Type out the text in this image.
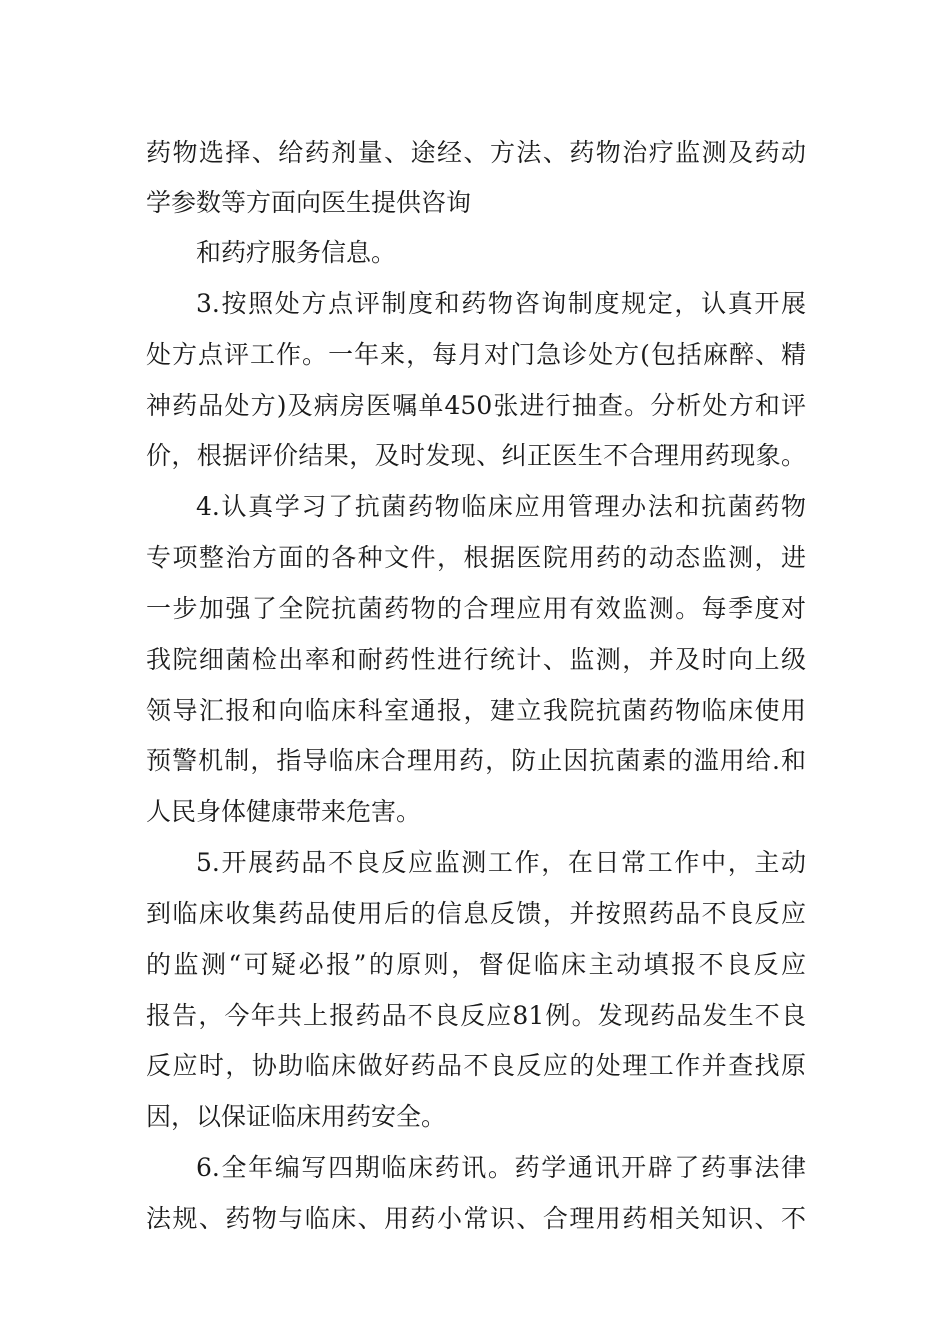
药物选择、给药剂量、途经、方法、药物治疗监测及药动
学参数等方面向医生提供咨询
和药疗服务信息。
3.按照处方点评制度和药物咨询制度规定，认真开展
处方点评工作。一年来，每月对门急诊处方(包括麻醉、精
神药品处方)及病房医嘱单450张进行抽查。分析处方和评
价，根据评价结果，及时发现、纠正医生不合理用药现象。
4.认真学习了抗菌药物临床应用管理办法和抗菌药物
专项整治方面的各种文件，根据医院用药的动态监测，进
一步加强了全院抗菌药物的合理应用有效监测。每季度对
我院细菌检出率和耐药性进行统计、监测，并及时向上级
领导汇报和向临床科室通报，建立我院抗菌药物临床使用
预警机制，指导临床合理用药，防止因抗菌素的滥用给.和
人民身体健康带来危害。
5.开展药品不良反应监测工作，在日常工作中，主动
到临床收集药品使用后的信息反馈，并按照药品不良反应
的监测“可疑必报”的原则，督促临床主动填报不良反应
报告，今年共上报药品不良反应81例。发现药品发生不良
反应时，协助临床做好药品不良反应的处理工作并查找原
因，以保证临床用药安全。
6.全年编写四期临床药讯。药学通讯开辟了药事法律
法规、药物与临床、用药小常识、合理用药相关知识、不
